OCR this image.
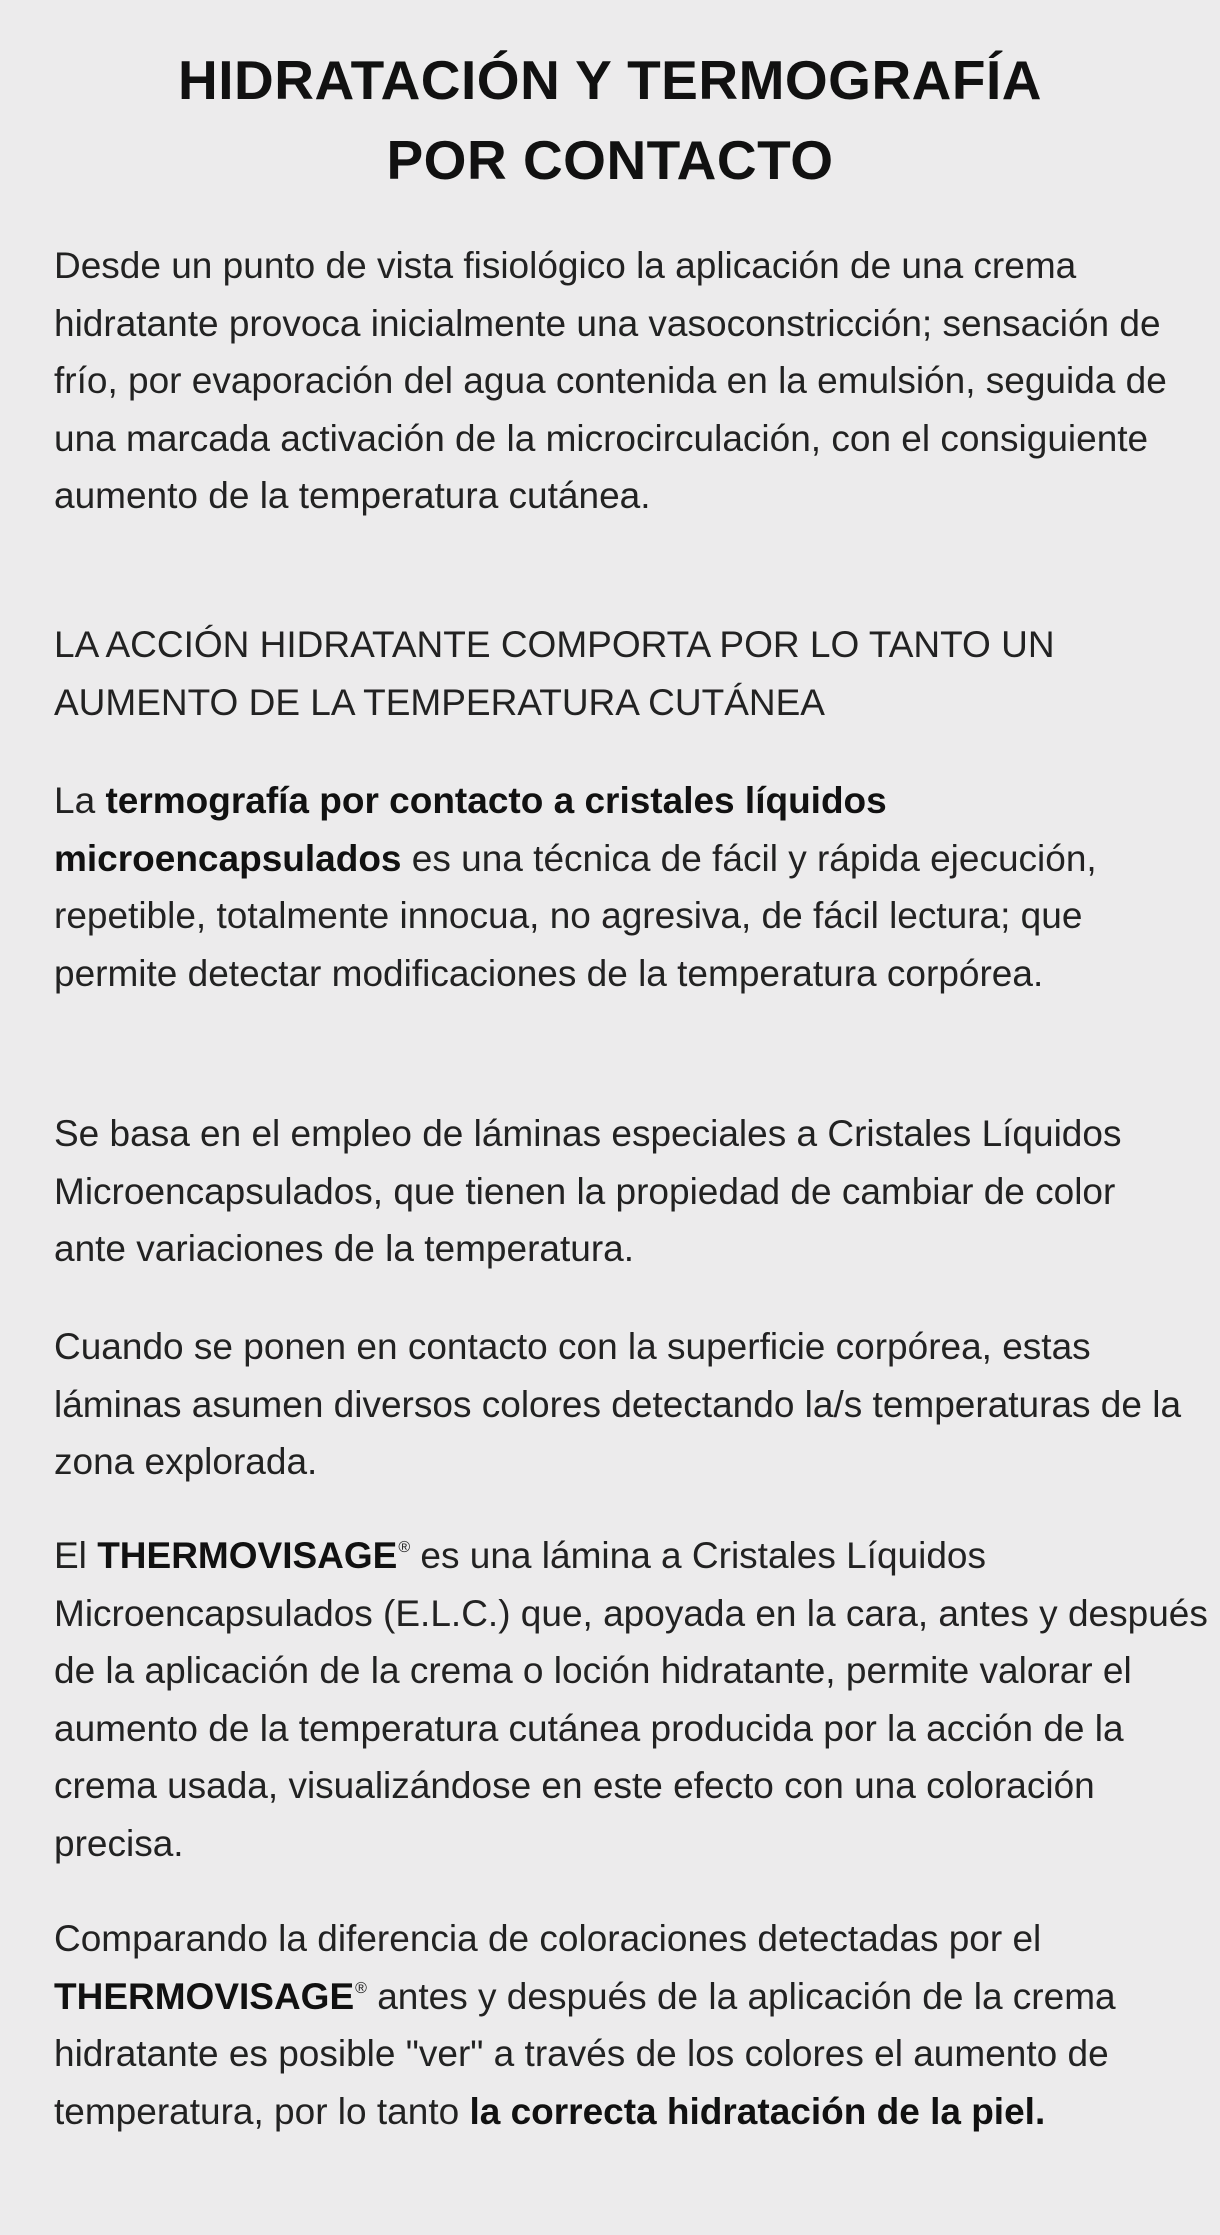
HIDRATACIÓN Y TERMOGRAFÍA
POR CONTACTO

Desde un punto de vista fisiológico la aplicación de una crema hidratante provoca inicialmente una vasoconstricción; sensación de frío, por evaporación del agua contenida en la emulsión, seguida de una marcada activación de la microcirculación, con el consiguiente aumento de la temperatura cutánea.

LA ACCIÓN HIDRATANTE COMPORTA POR LO TANTO UN AUMENTO DE LA TEMPERATURA CUTÁNEA

La termografía por contacto a cristales líquidos microencapsulados es una técnica de fácil y rápida ejecución, repetible, totalmente innocua, no agresiva, de fácil lectura; que permite detectar modificaciones de la temperatura corpórea.

Se basa en el empleo de láminas especiales a Cristales Líquidos Microencapsulados, que tienen la propiedad de cambiar de color ante variaciones de la temperatura.

Cuando se ponen en contacto con la superficie corpórea, estas láminas asumen diversos colores detectando la/s temperaturas de la zona explorada.

El THERMOVISAGE® es una lámina a Cristales Líquidos Microencapsulados (E.L.C.) que, apoyada en la cara, antes y después de la aplicación de la crema o loción hidratante, permite valorar el aumento de la temperatura cutánea producida por la acción de la crema usada, visualizándose en este efecto con una coloración precisa.

Comparando la diferencia de coloraciones detectadas por el THERMOVISAGE® antes y después de la aplicación de la crema hidratante es posible "ver" a través de los colores el aumento de temperatura, por lo tanto la correcta hidratación de la piel.
